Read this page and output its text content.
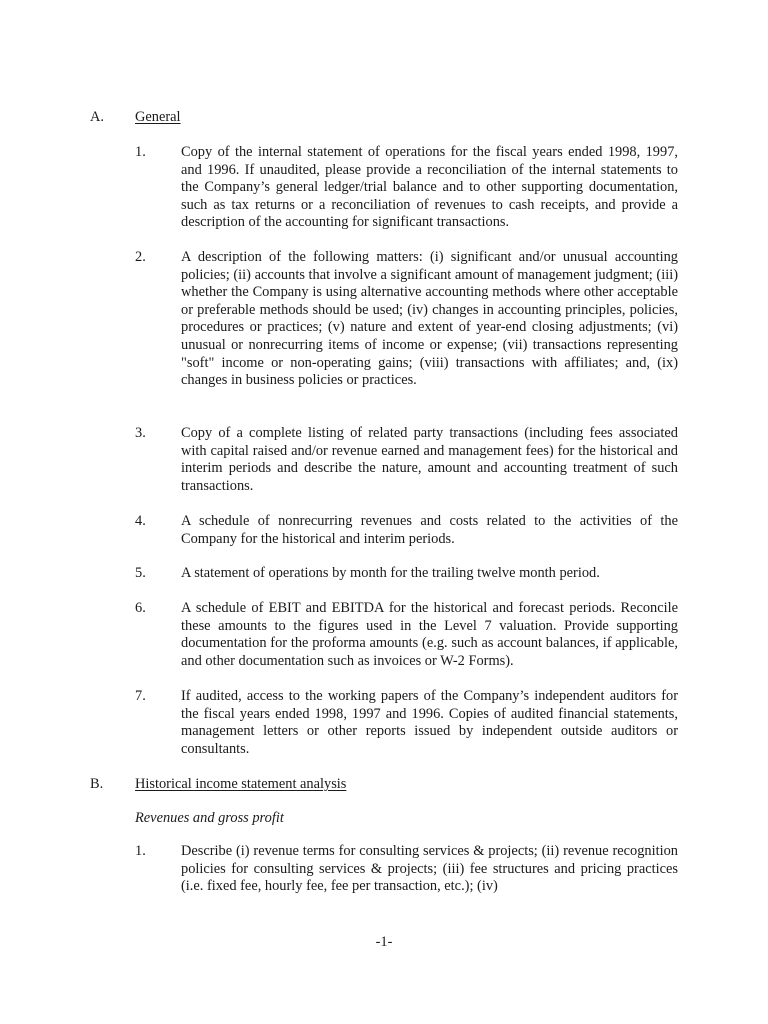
A. General
1. Copy of the internal statement of operations for the fiscal years ended 1998, 1997, and 1996. If unaudited, please provide a reconciliation of the internal statements to the Company’s general ledger/trial balance and to other supporting documentation, such as tax returns or a reconciliation of revenues to cash receipts, and provide a description of the accounting for significant transactions.
2. A description of the following matters: (i) significant and/or unusual accounting policies; (ii) accounts that involve a significant amount of management judgment; (iii) whether the Company is using alternative accounting methods where other acceptable or preferable methods should be used; (iv) changes in accounting principles, policies, procedures or practices; (v) nature and extent of year-end closing adjustments; (vi) unusual or nonrecurring items of income or expense; (vii) transactions representing "soft" income or non-operating gains; (viii) transactions with affiliates; and, (ix) changes in business policies or practices.
3. Copy of a complete listing of related party transactions (including fees associated with capital raised and/or revenue earned and management fees) for the historical and interim periods and describe the nature, amount and accounting treatment of such transactions.
4. A schedule of nonrecurring revenues and costs related to the activities of the Company for the historical and interim periods.
5. A statement of operations by month for the trailing twelve month period.
6. A schedule of EBIT and EBITDA for the historical and forecast periods. Reconcile these amounts to the figures used in the Level 7 valuation. Provide supporting documentation for the proforma amounts (e.g. such as account balances, if applicable, and other documentation such as invoices or W-2 Forms).
7. If audited, access to the working papers of the Company’s independent auditors for the fiscal years ended 1998, 1997 and 1996. Copies of audited financial statements, management letters or other reports issued by independent outside auditors or consultants.
B. Historical income statement analysis
Revenues and gross profit
1. Describe (i) revenue terms for consulting services & projects; (ii) revenue recognition policies for consulting services & projects; (iii) fee structures and pricing practices (i.e. fixed fee, hourly fee, fee per transaction, etc.); (iv)
-1-
